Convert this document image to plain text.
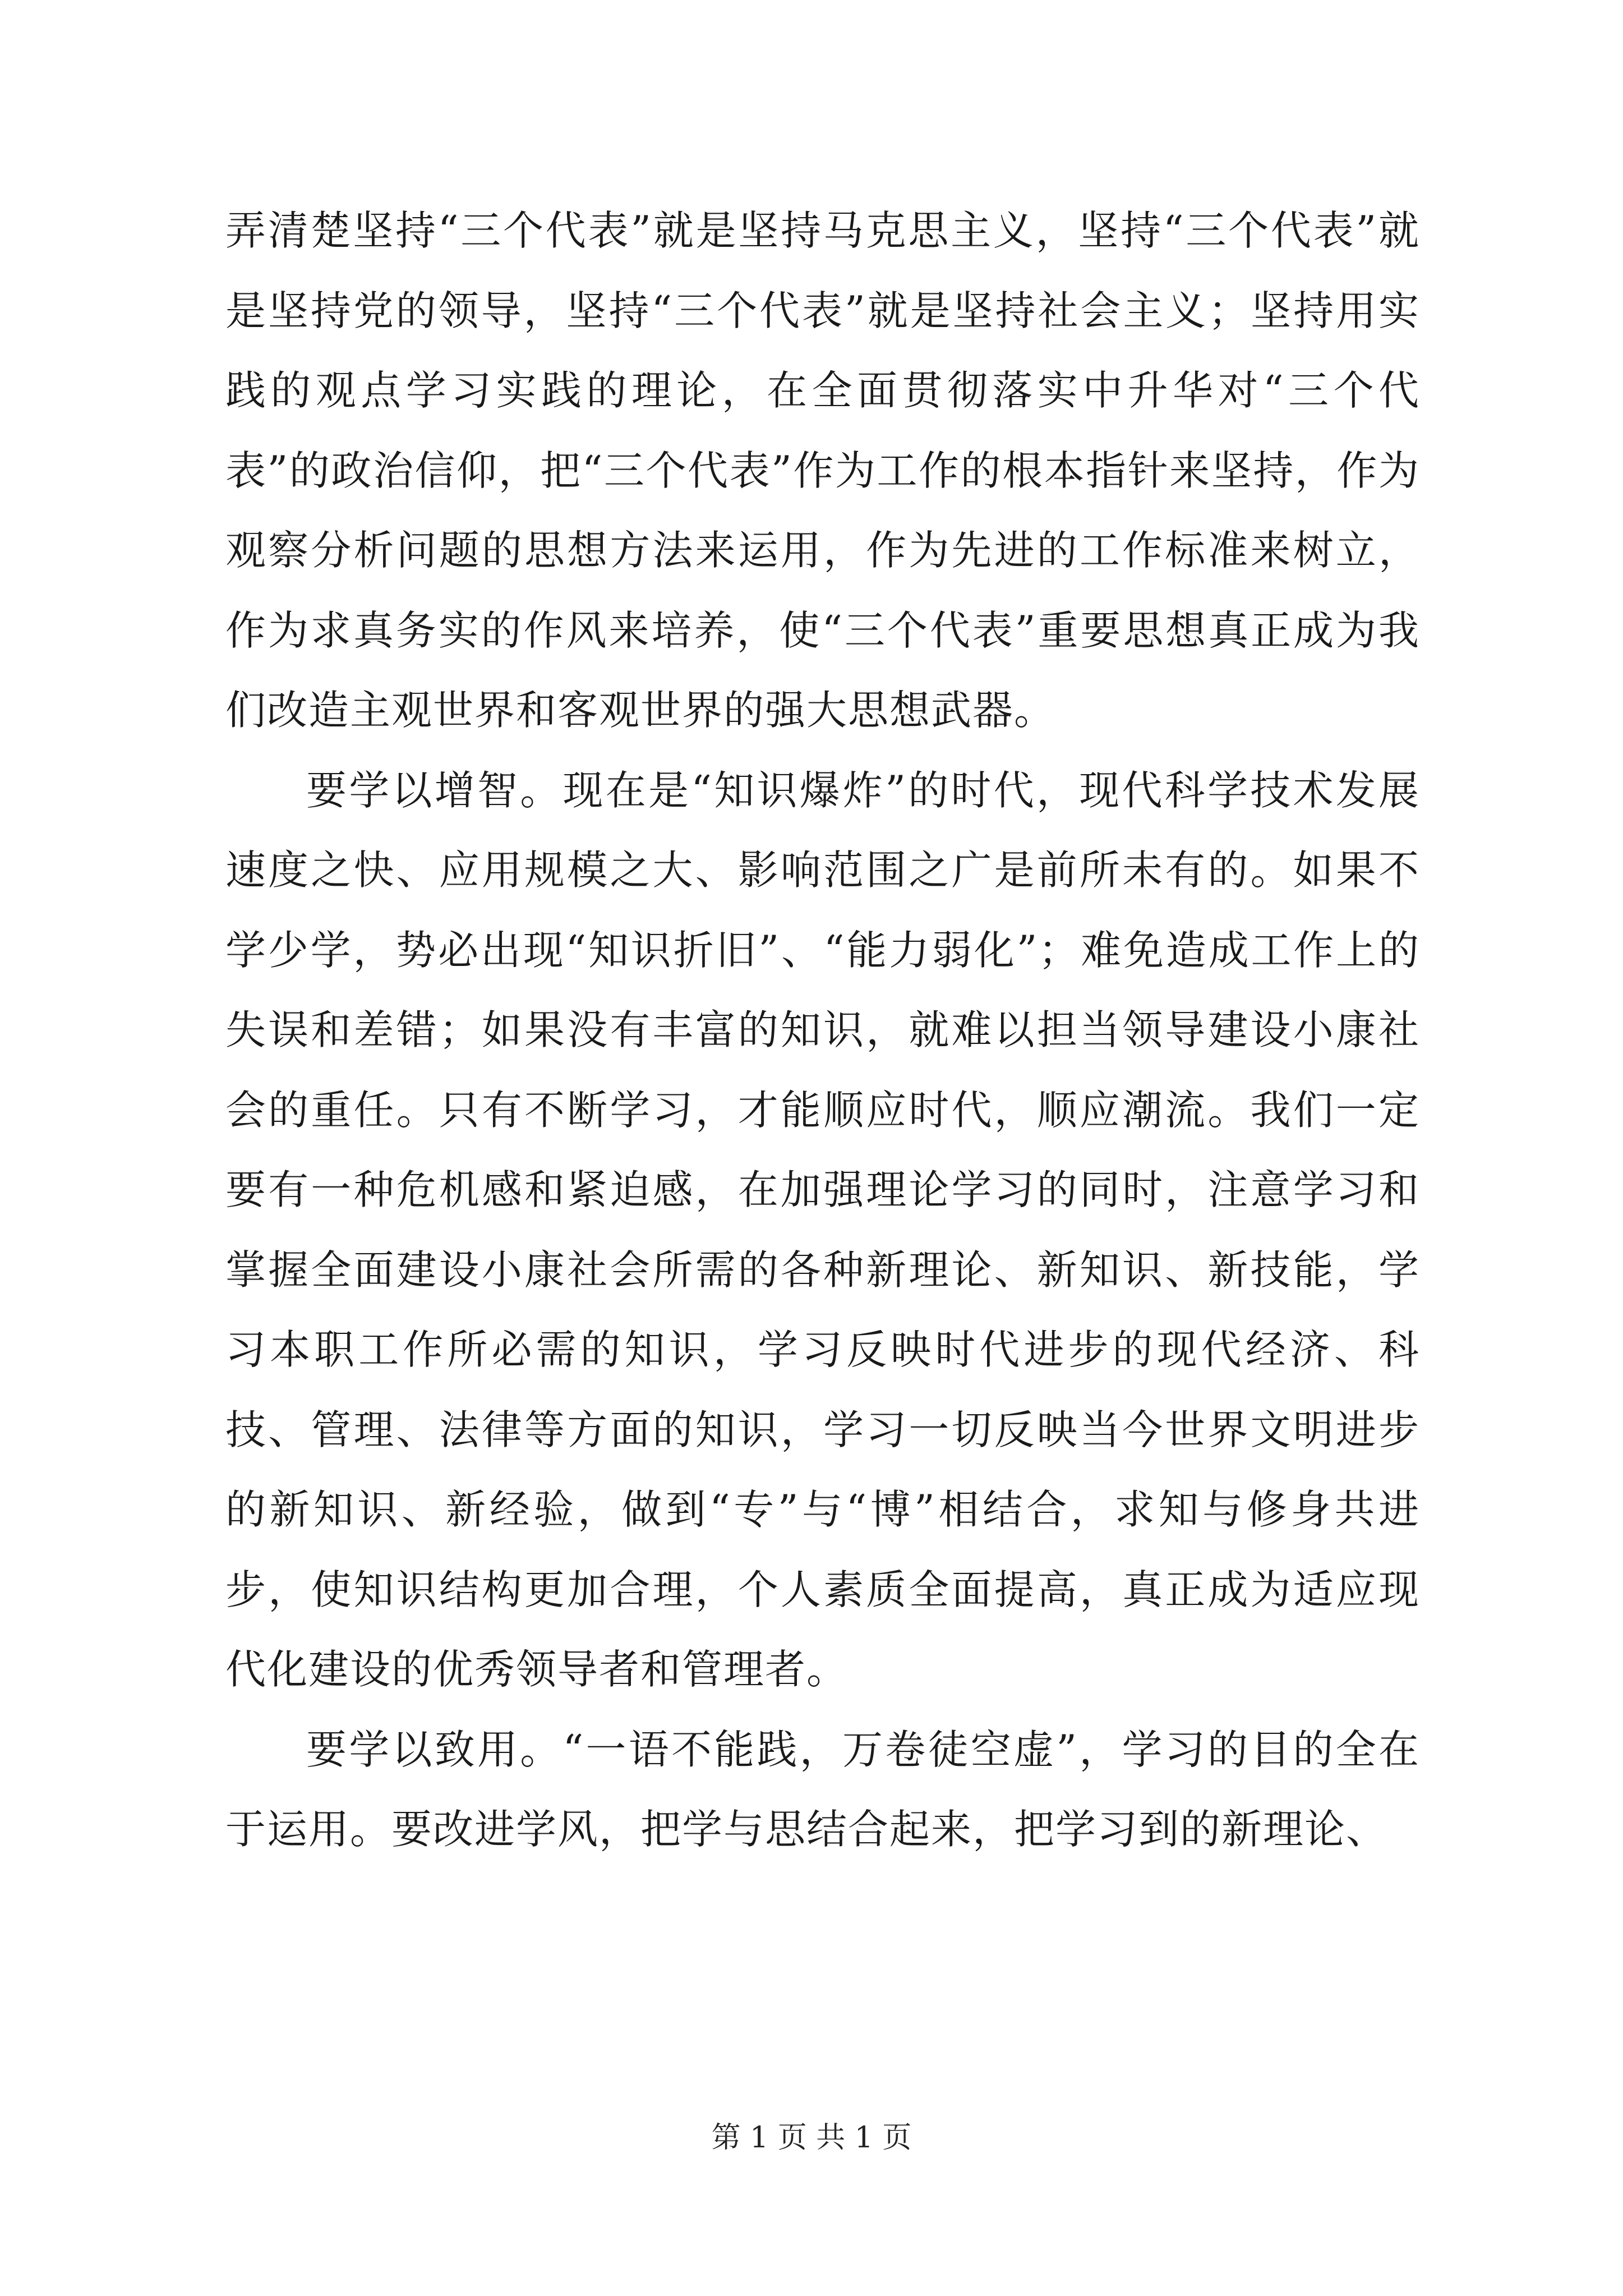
弄清楚坚持“三个代表”就是坚持马克思主义，坚持“三个代表”就是坚持党的领导，坚持“三个代表”就是坚持社会主义；坚持用实践的观点学习实践的理论，在全面贯彻落实中升华对“三个代表”的政治信仰，把“三个代表”作为工作的根本指针来坚持，作为观察分析问题的思想方法来运用，作为先进的工作标准来树立，作为求真务实的作风来培养，使“三个代表”重要思想真正成为我们改造主观世界和客观世界的强大思想武器。

要学以增智。现在是“知识爆炸”的时代，现代科学技术发展速度之快、应用规模之大、影响范围之广是前所未有的。如果不学少学，势必出现“知识折旧”、“能力弱化”；难免造成工作上的失误和差错；如果没有丰富的知识，就难以担当领导建设小康社会的重任。只有不断学习，才能顺应时代，顺应潮流。我们一定要有一种危机感和紧迫感，在加强理论学习的同时，注意学习和掌握全面建设小康社会所需的各种新理论、新知识、新技能，学习本职工作所必需的知识，学习反映时代进步的现代经济、科技、管理、法律等方面的知识，学习一切反映当今世界文明进步的新知识、新经验，做到“专”与“博”相结合，求知与修身共进步，使知识结构更加合理，个人素质全面提高，真正成为适应现代化建设的优秀领导者和管理者。

要学以致用。“一语不能践，万卷徒空虚”，学习的目的全在于运用。要改进学风，把学与思结合起来，把学习到的新理论、

第 1 页 共 1 页
